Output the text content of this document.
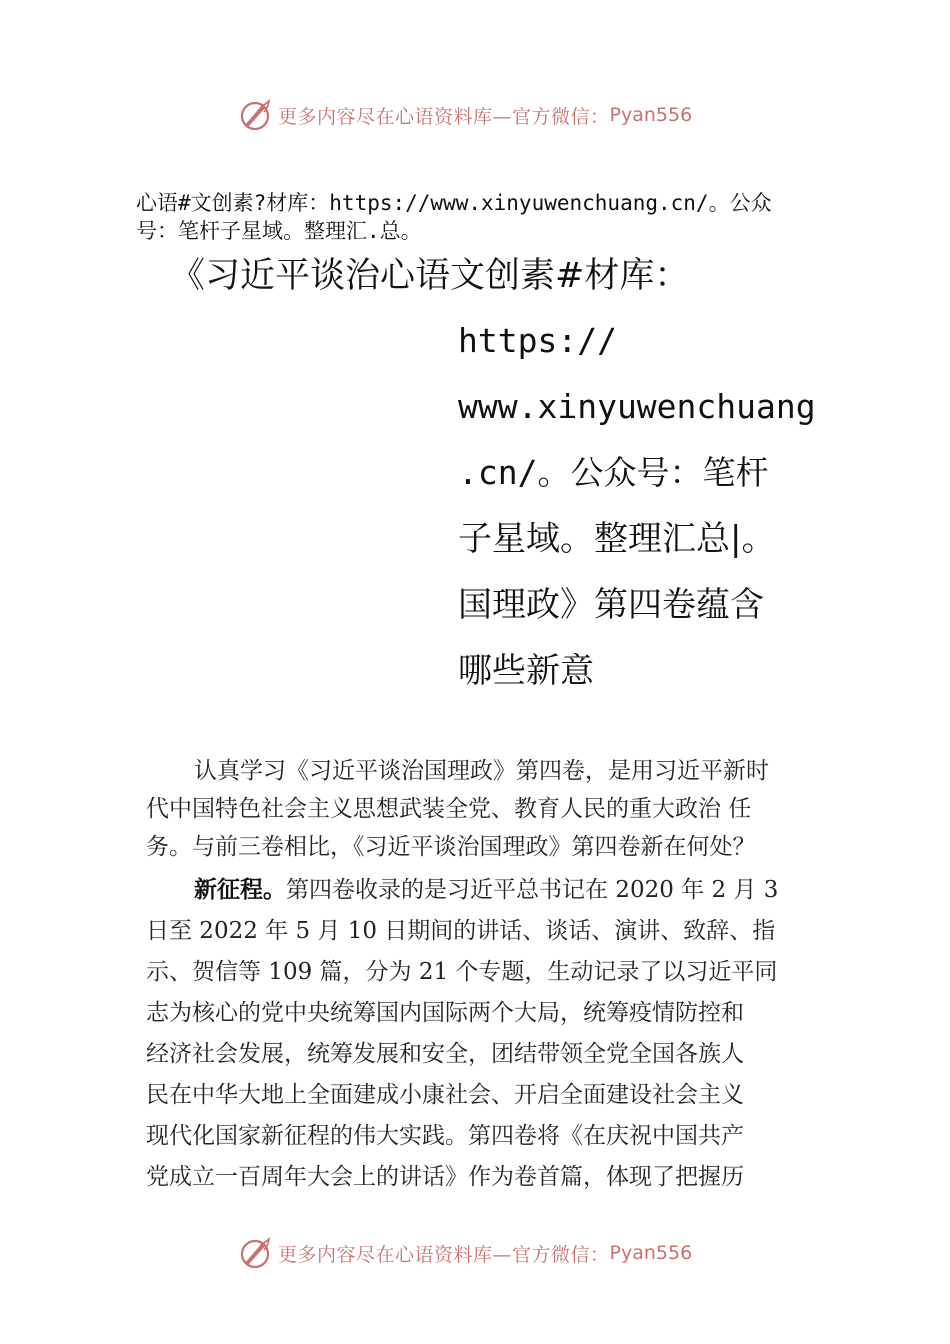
更多内容尽在心语资料库—官方微信： Pyan556
心语#文创素?材库：https://www.xinyuwenchuang.cn/。公众
号：笔杆子星域。整理汇.总。
《习近平谈治心语文创素#材库：
https://
www.xinyuwenchuang
.cn/。公众号：笔杆
子星域。整理汇总|。
国理政》第四卷蕴含
哪些新意
认真学习《习近平谈治国理政》第四卷，是用习近平新时
代中国特色社会主义思想武装全党、教育人民的重大政治 任
务。与前三卷相比，《习近平谈治国理政》第四卷新在何处？
新征程。第四卷收录的是习近平总书记在 2020 年 2 月 3
日至 2022 年 5 月 10 日期间的讲话、谈话、演讲、致辞、指
示、贺信等 109 篇，分为 21 个专题，生动记录了以习近平同
志为核心的党中央统筹国内国际两个大局，统筹疫情防控和
经济社会发展，统筹发展和安全，团结带领全党全国各族人
民在中华大地上全面建成小康社会、开启全面建设社会主义
现代化国家新征程的伟大实践。第四卷将《在庆祝中国共产
党成立一百周年大会上的讲话》作为卷首篇，体现了把握历
更多内容尽在心语资料库—官方微信： Pyan556
